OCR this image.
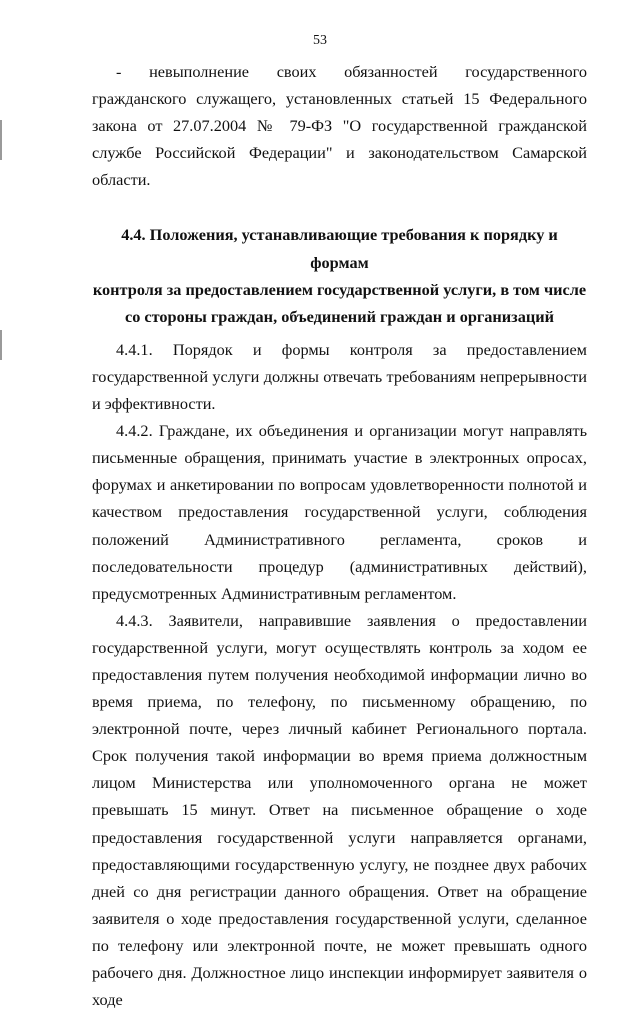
53

- невыполнение своих обязанностей государственного гражданского служащего, установленных статьей 15 Федерального закона от 27.07.2004 № 79-ФЗ "О государственной гражданской службе Российской Федерации" и законодательством Самарской области.

4.4. Положения, устанавливающие требования к порядку и формам
контроля за предоставлением государственной услуги, в том числе
со стороны граждан, объединений граждан и организаций

4.4.1. Порядок и формы контроля за предоставлением государственной услуги должны отвечать требованиям непрерывности и эффективности.

4.4.2. Граждане, их объединения и организации могут направлять письменные обращения, принимать участие в электронных опросах, форумах и анкетировании по вопросам удовлетворенности полнотой и качеством предоставления государственной услуги, соблюдения положений Административного регламента, сроков и последовательности процедур (административных действий), предусмотренных Административным регламентом.

4.4.3. Заявители, направившие заявления о предоставлении государственной услуги, могут осуществлять контроль за ходом ее предоставления путем получения необходимой информации лично во время приема, по телефону, по письменному обращению, по электронной почте, через личный кабинет Регионального портала. Срок получения такой информации во время приема должностным лицом Министерства или уполномоченного органа не может превышать 15 минут. Ответ на письменное обращение о ходе предоставления государственной услуги направляется органами, предоставляющими государственную услугу, не позднее двух рабочих дней со дня регистрации данного обращения. Ответ на обращение заявителя о ходе предоставления государственной услуги, сделанное по телефону или электронной почте, не может превышать одного рабочего дня. Должностное лицо инспекции информирует заявителя о ходе
